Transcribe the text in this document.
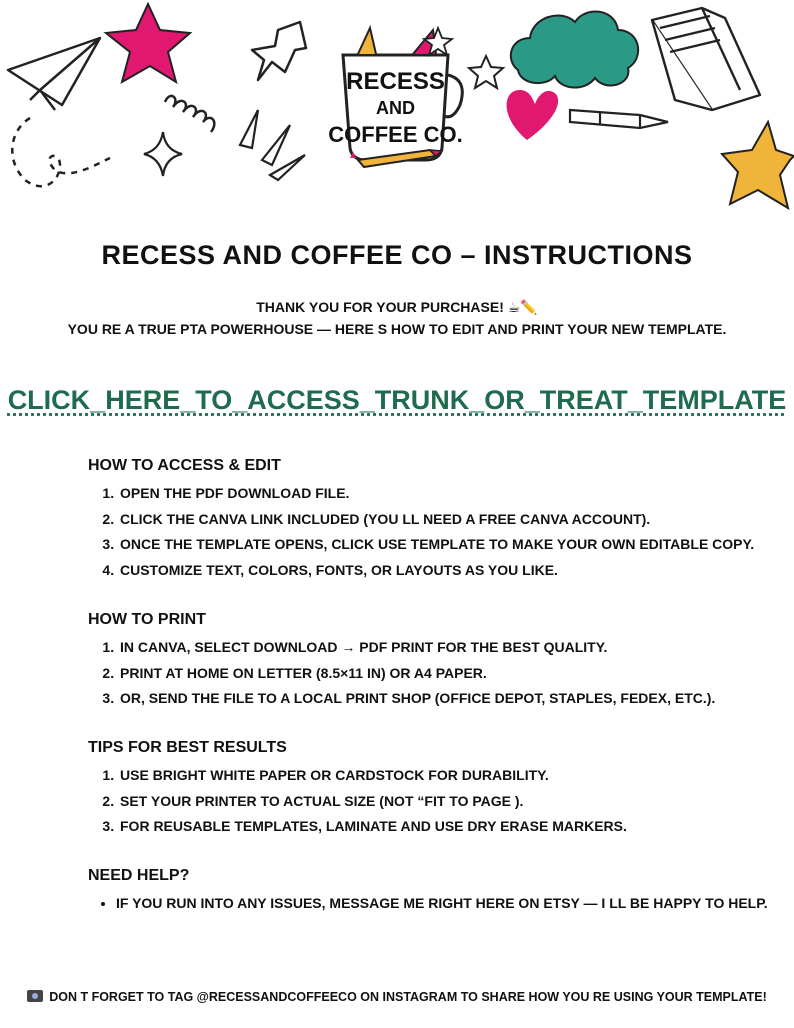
RECESS
AND
COFFEE CO.
RECESS AND COFFEE CO – INSTRUCTIONS
THANK YOU FOR YOUR PURCHASE! ☕✏️
YOU RE A TRUE PTA POWERHOUSE — HERE S HOW TO EDIT AND PRINT YOUR NEW TEMPLATE.
CLICK_HERE_TO_ACCESS_TRUNK_OR_TREAT_TEMPLATE
HOW TO ACCESS & EDIT
1. OPEN THE PDF DOWNLOAD FILE.
2. CLICK THE CANVA LINK INCLUDED (YOU LL NEED A FREE CANVA ACCOUNT).
3. ONCE THE TEMPLATE OPENS, CLICK USE TEMPLATE TO MAKE YOUR OWN EDITABLE COPY.
4. CUSTOMIZE TEXT, COLORS, FONTS, OR LAYOUTS AS YOU LIKE.
HOW TO PRINT
1. IN CANVA, SELECT DOWNLOAD → PDF PRINT FOR THE BEST QUALITY.
2. PRINT AT HOME ON LETTER (8.5×11 IN) OR A4 PAPER.
3. OR, SEND THE FILE TO A LOCAL PRINT SHOP (OFFICE DEPOT, STAPLES, FEDEX, ETC.).
TIPS FOR BEST RESULTS
1. USE BRIGHT WHITE PAPER OR CARDSTOCK FOR DURABILITY.
2. SET YOUR PRINTER TO ACTUAL SIZE (NOT “FIT TO PAGE ).
3. FOR REUSABLE TEMPLATES, LAMINATE AND USE DRY ERASE MARKERS.
NEED HELP?
• IF YOU RUN INTO ANY ISSUES, MESSAGE ME RIGHT HERE ON ETSY — I LL BE HAPPY TO HELP.
DON T FORGET TO TAG @RECESSANDCOFFEECO ON INSTAGRAM TO SHARE HOW YOU RE USING YOUR TEMPLATE!
